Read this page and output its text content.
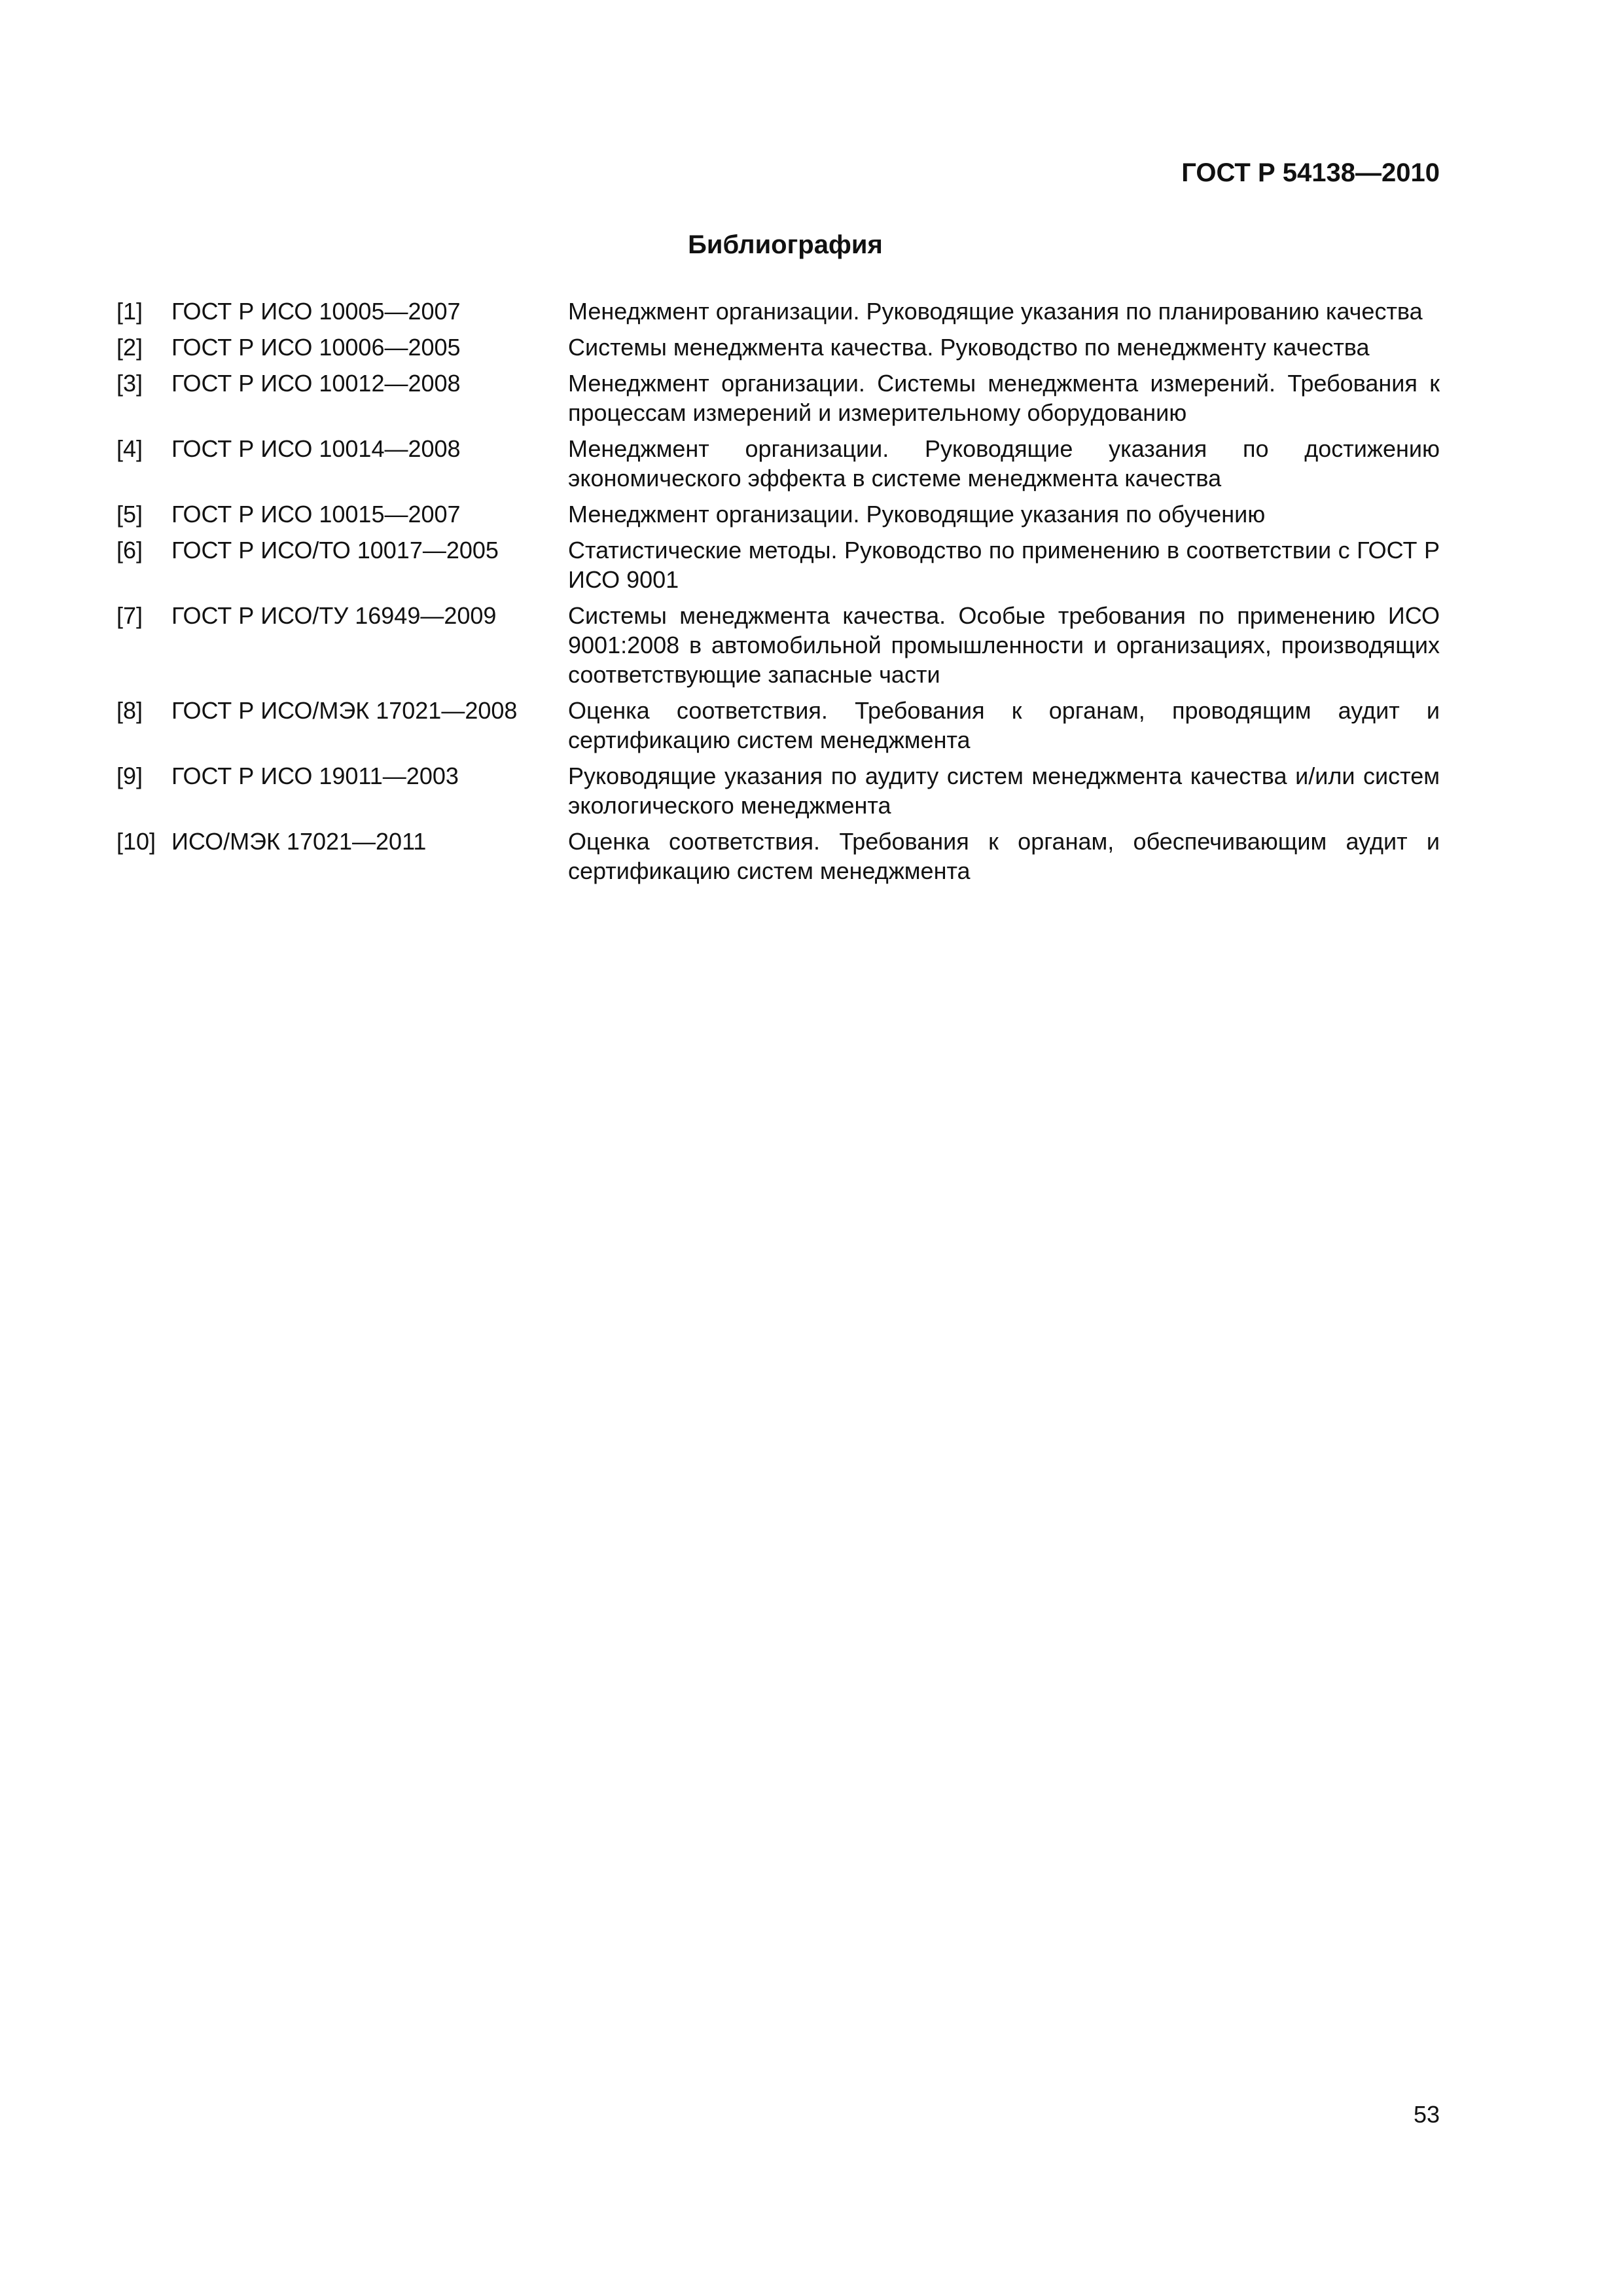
ГОСТ Р 54138—2010
Библиография
[1]	ГОСТ Р ИСО 10005—2007	Менеджмент организации. Руководящие указания по планированию качества
[2]	ГОСТ Р ИСО 10006—2005	Системы менеджмента качества. Руководство по менеджменту качества
[3]	ГОСТ Р ИСО 10012—2008	Менеджмент организации. Системы менеджмента измерений. Требования к процессам измерений и измерительному оборудованию
[4]	ГОСТ Р ИСО 10014—2008	Менеджмент организации. Руководящие указания по достижению экономического эффекта в системе менеджмента качества
[5]	ГОСТ Р ИСО 10015—2007	Менеджмент организации. Руководящие указания по обучению
[6]	ГОСТ Р ИСО/ТО 10017—2005	Статистические методы. Руководство по применению в соответствии с ГОСТ Р ИСО 9001
[7]	ГОСТ Р ИСО/ТУ 16949—2009	Системы менеджмента качества. Особые требования по применению ИСО 9001:2008 в автомобильной промышленности и организациях, производящих соответствующие запасные части
[8]	ГОСТ Р ИСО/МЭК 17021—2008	Оценка соответствия. Требования к органам, проводящим аудит и сертификацию систем менеджмента
[9]	ГОСТ Р ИСО 19011—2003	Руководящие указания по аудиту систем менеджмента качества и/или систем экологического менеджмента
[10] ИСО/МЭК 17021—2011	Оценка соответствия. Требования к органам, обеспечивающим аудит и сертификацию систем менеджмента
53
